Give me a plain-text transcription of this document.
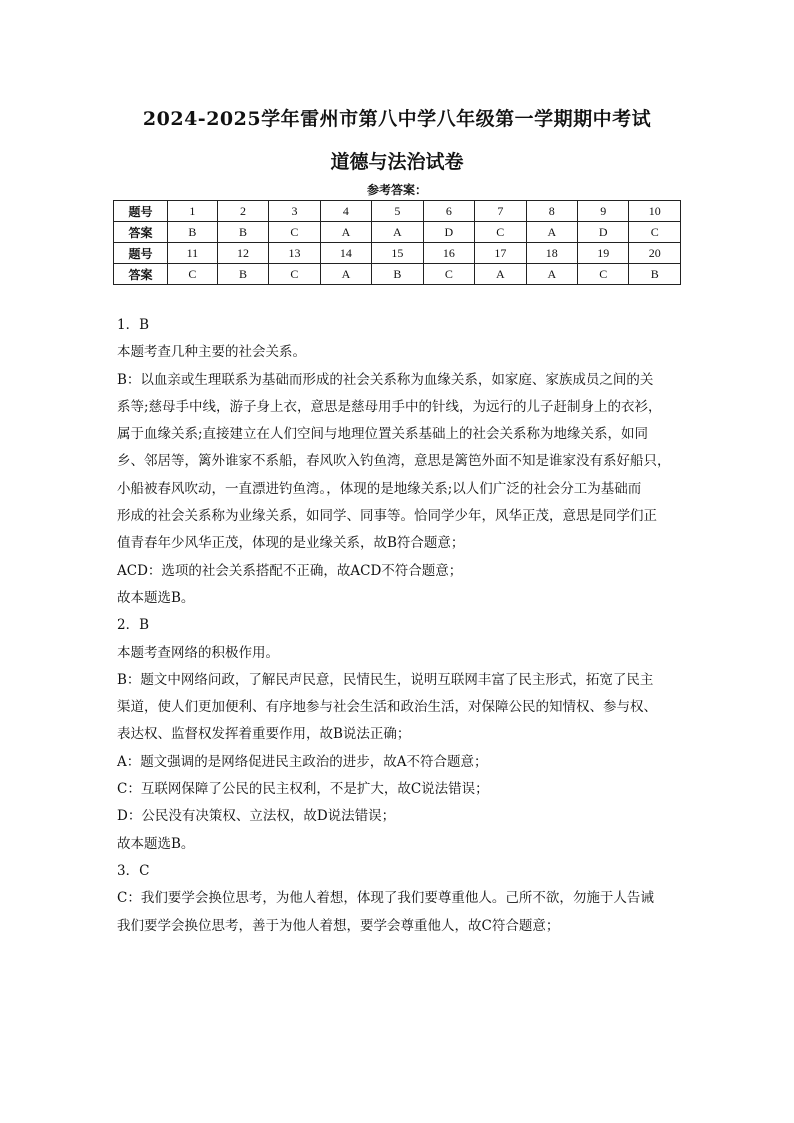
2024-2025学年雷州市第八中学八年级第一学期期中考试
道德与法治试卷
参考答案：
题号	1	2	3	4	5	6	7	8	9	10
答案	B	B	C	A	A	D	C	A	D	C
题号	11	12	13	14	15	16	17	18	19	20
答案	C	B	C	A	B	C	A	A	C	B

1．B

本题考查几种主要的社会关系。

B：以血亲或生理联系为基础而形成的社会关系称为血缘关系，如家庭、家族成员之间的关

系等;慈母手中线，游子身上衣，意思是慈母用手中的针线，为远行的儿子赶制身上的衣衫，

属于血缘关系;直接建立在人们空间与地理位置关系基础上的社会关系称为地缘关系，如同

乡、邻居等，篱外谁家不系船，春风吹入钓鱼湾，意思是篱笆外面不知是谁家没有系好船只，

小船被春风吹动，一直漂进钓鱼湾。，体现的是地缘关系;以人们广泛的社会分工为基础而

形成的社会关系称为业缘关系，如同学、同事等。恰同学少年，风华正茂，意思是同学们正

值青春年少风华正茂，体现的是业缘关系，故B符合题意；

ACD：选项的社会关系搭配不正确，故ACD不符合题意；

故本题选B。

2．B

本题考查网络的积极作用。

B：题文中网络问政，了解民声民意，民情民生，说明互联网丰富了民主形式，拓宽了民主

渠道，使人们更加便利、有序地参与社会生活和政治生活，对保障公民的知情权、参与权、

表达权、监督权发挥着重要作用，故B说法正确；

A：题文强调的是网络促进民主政治的进步，故A不符合题意；

C：互联网保障了公民的民主权利，不是扩大，故C说法错误；

D：公民没有决策权、立法权，故D说法错误；

故本题选B。

3．C

C：我们要学会换位思考，为他人着想，体现了我们要尊重他人。己所不欲，勿施于人告诫

我们要学会换位思考，善于为他人着想，要学会尊重他人，故C符合题意；
